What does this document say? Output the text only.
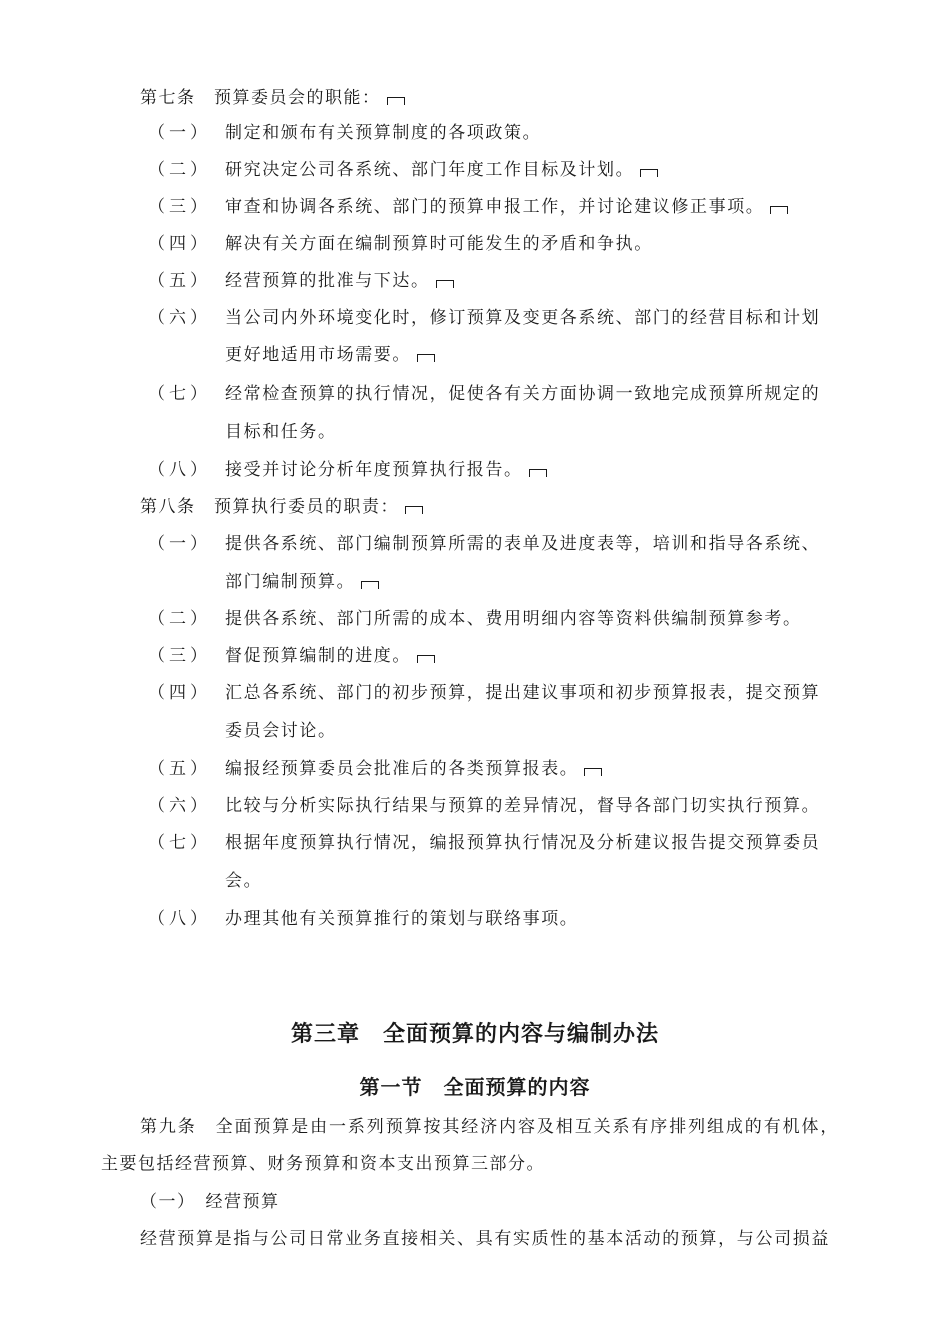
第七条　预算委员会的职能：
（一） 制定和颁布有关预算制度的各项政策。
（二） 研究决定公司各系统、部门年度工作目标及计划。
（三） 审查和协调各系统、部门的预算申报工作，并讨论建议修正事项。
（四） 解决有关方面在编制预算时可能发生的矛盾和争执。
（五） 经营预算的批准与下达。
（六） 当公司内外环境变化时，修订预算及变更各系统、部门的经营目标和计划
更好地适用市场需要。
（七） 经常检查预算的执行情况，促使各有关方面协调一致地完成预算所规定的
目标和任务。
（八） 接受并讨论分析年度预算执行报告。
第八条　预算执行委员的职责：
（一） 提供各系统、部门编制预算所需的表单及进度表等，培训和指导各系统、
部门编制预算。
（二） 提供各系统、部门所需的成本、费用明细内容等资料供编制预算参考。
（三） 督促预算编制的进度。
（四） 汇总各系统、部门的初步预算，提出建议事项和初步预算报表，提交预算
委员会讨论。
（五） 编报经预算委员会批准后的各类预算报表。
（六） 比较与分析实际执行结果与预算的差异情况，督导各部门切实执行预算。
（七） 根据年度预算执行情况，编报预算执行情况及分析建议报告提交预算委员
会。
（八） 办理其他有关预算推行的策划与联络事项。
第三章　全面预算的内容与编制办法
第一节　全面预算的内容
第九条　全面预算是由一系列预算按其经济内容及相互关系有序排列组成的有机体，
主要包括经营预算、财务预算和资本支出预算三部分。
（一）　经营预算
经营预算是指与公司日常业务直接相关、具有实质性的基本活动的预算，与公司损益
